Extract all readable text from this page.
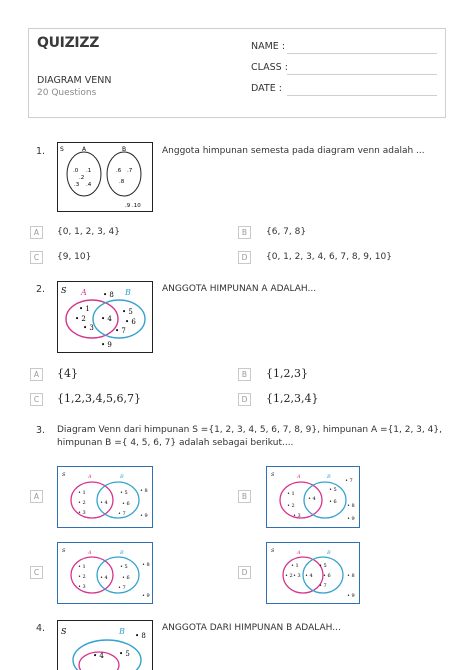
QUIZIZZ
DIAGRAM VENN
20 Questions
NAME :
CLASS :
DATE :
1. S	A	B
.0 .1
.2
.3 .4
.6 .7
.8
.9 .10
Anggota himpunan semesta pada diagram venn adalah ...
A	{0, 1, 2, 3, 4}	B	{6, 7, 8}
C	{9, 10}	D	{0, 1, 2, 3, 4, 6, 7, 8, 9, 10}
2. S A	B
• 8
• 1
• 2
• 3
• 4
• 5
• 6
• 7
• 9
ANGGOTA HIMPUNAN A ADALAH...
A	{4}	B	{1,2,3}
C	{1,2,3,4,5,6,7}	D	{1,2,3,4}
3. Diagram Venn dari himpunan S ={1, 2, 3, 4, 5, 6, 7, 8, 9}, himpunan A ={1, 2, 3, 4},
himpunan B ={ 4, 5, 6, 7} adalah sebagai berikut....
A
S	A	B
• 1
• 2
• 3
• 4
• 5
• 6
• 7
• 8
• 9
B
S	A	B
• 1
• 2
• 3
• 4
• 5
• 6
• 7
• 8
• 9
C
S	A	B
• 1
• 2
• 3
• 4
• 5
• 6
• 7
• 8
• 9
D
S	A	B
• 1
• 2 • 3 • 4
• 5
• 6
• 7
• 8
• 9
4. S	B • 8
• 4 • 5
ANGGOTA DARI HIMPUNAN B ADALAH...
